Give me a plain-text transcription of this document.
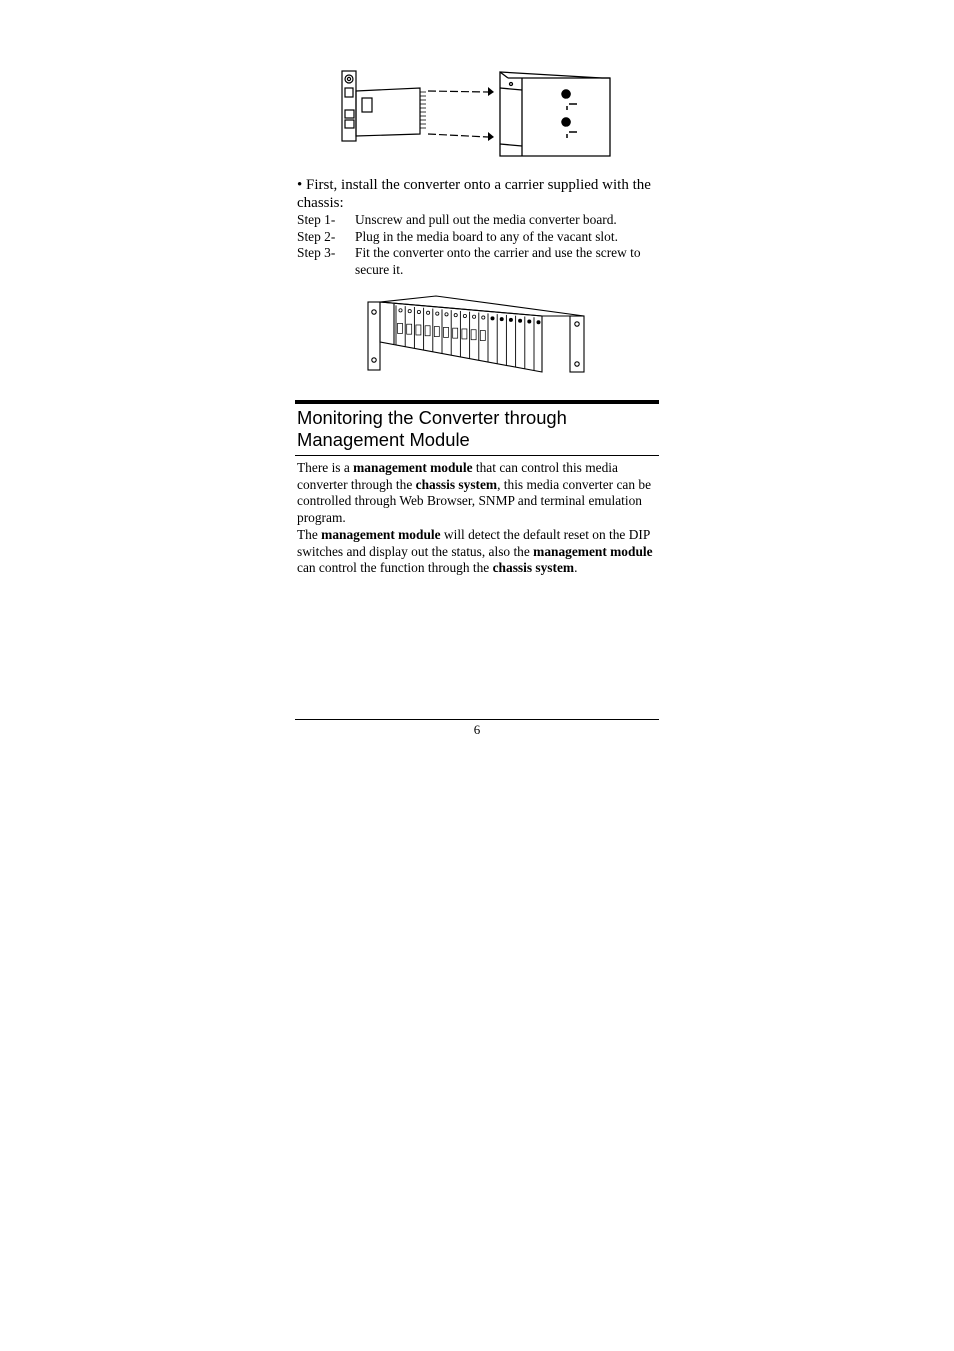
• First, install the converter onto a carrier supplied with the chassis:
Step 1-	Unscrew and pull out the media converter board.
Step 2-	Plug in the media board to any of the vacant slot.
Step 3-	Fit the converter onto the carrier and use the screw to secure it.
Monitoring the Converter through Management Module

There is a management module that can control this media converter through the chassis system, this media converter can be controlled through Web Browser, SNMP and terminal emulation program.

The management module will detect the default reset on the DIP switches and display out the status, also the management module can control the function through the chassis system.

6
